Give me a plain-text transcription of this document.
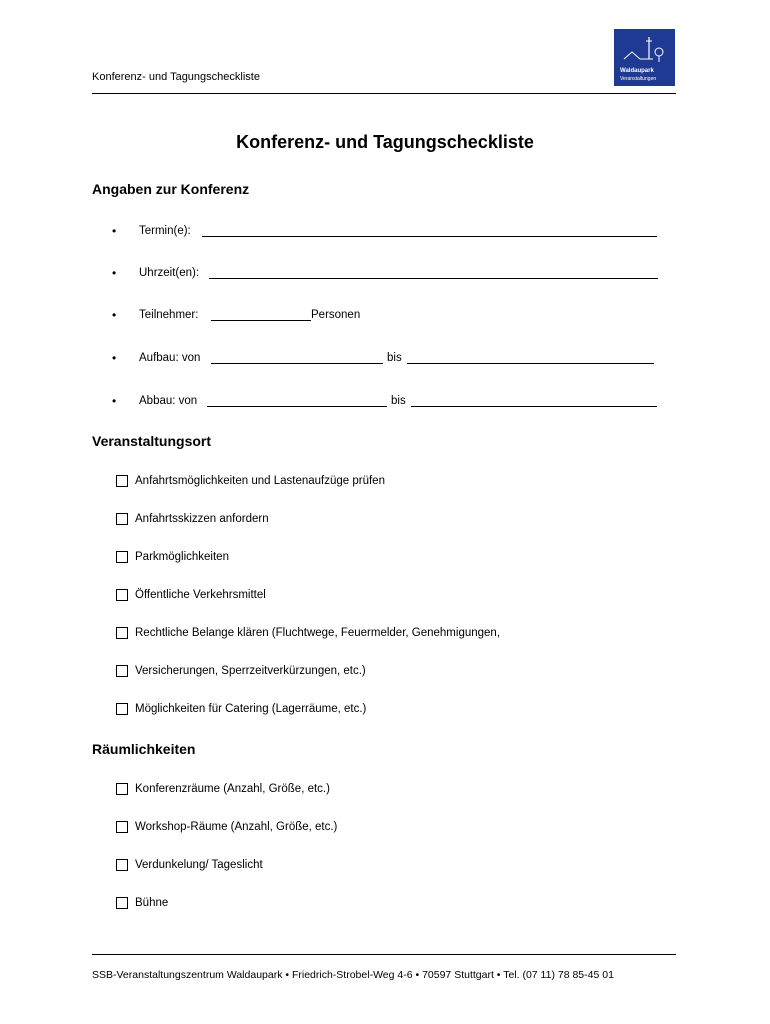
Konferenz- und Tagungscheckliste	Waldaupark
Veranstaltungen
Konferenz- und Tagungscheckliste
Angaben zur Konferenz
• Termin(e):
• Uhrzeit(en):
• Teilnehmer:	Personen
• Aufbau: von	bis
• Abbau: von	bis
Veranstaltungsort
Anfahrtsmöglichkeiten und Lastenaufzüge prüfen
Anfahrtsskizzen anfordern
Parkmöglichkeiten
Öffentliche Verkehrsmittel
Rechtliche Belange klären (Fluchtwege, Feuermelder, Genehmigungen,
Versicherungen, Sperrzeitverkürzungen, etc.)
Möglichkeiten für Catering (Lagerräume, etc.)
Räumlichkeiten
Konferenzräume (Anzahl, Größe, etc.)
Workshop-Räume (Anzahl, Größe, etc.)
Verdunkelung/ Tageslicht
Bühne
SSB-Veranstaltungszentrum Waldaupark • Friedrich-Strobel-Weg 4-6 • 70597 Stuttgart • Tel. (07 11) 78 85-45 01
